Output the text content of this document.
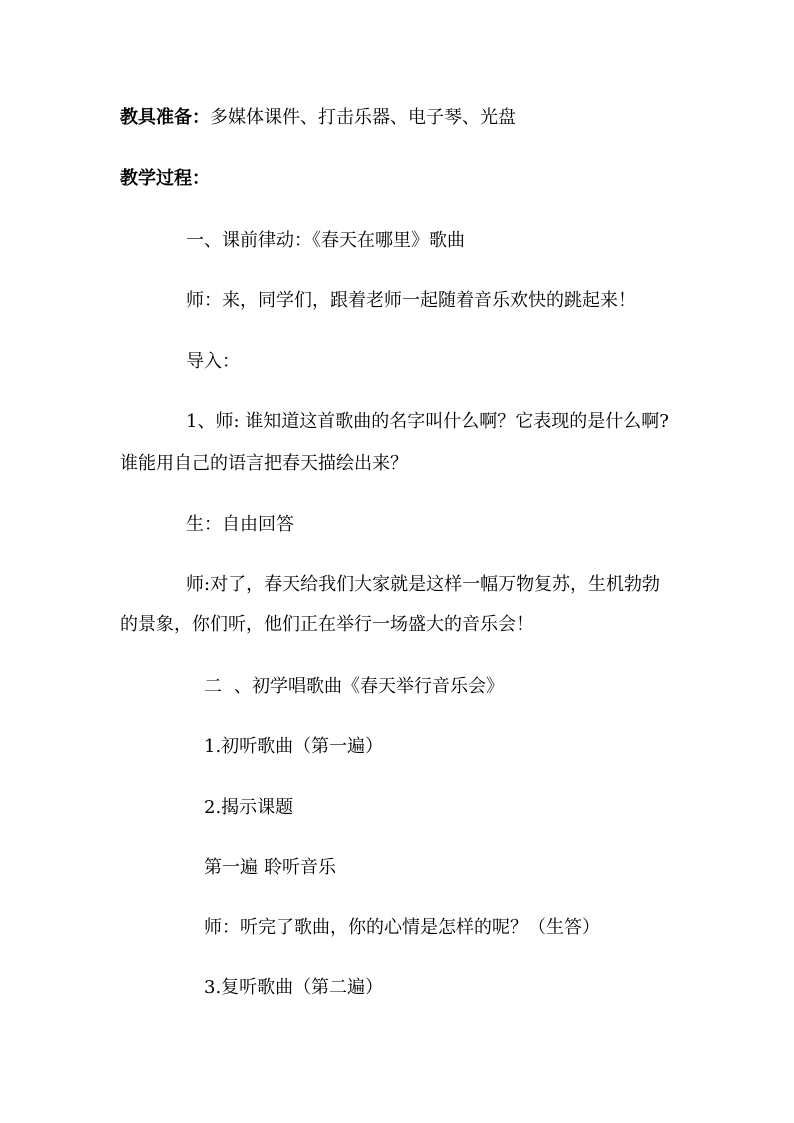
教具准备：多媒体课件、打击乐器、电子琴、光盘
教学过程：
一、课前律动：《春天在哪里》歌曲
师：来，同学们，跟着老师一起随着音乐欢快的跳起来！
导入：
1、师: 谁知道这首歌曲的名字叫什么啊？它表现的是什么啊?
谁能用自己的语言把春天描绘出来？
生：自由回答
师:对了，春天给我们大家就是这样一幅万物复苏，生机勃勃
的景象，你们听，他们正在举行一场盛大的音乐会！
二 、初学唱歌曲《春天举行音乐会》
1.初听歌曲（第一遍）
2.揭示课题
第一遍 聆听音乐
师：听完了歌曲，你的心情是怎样的呢？（生答）
3.复听歌曲（第二遍）
